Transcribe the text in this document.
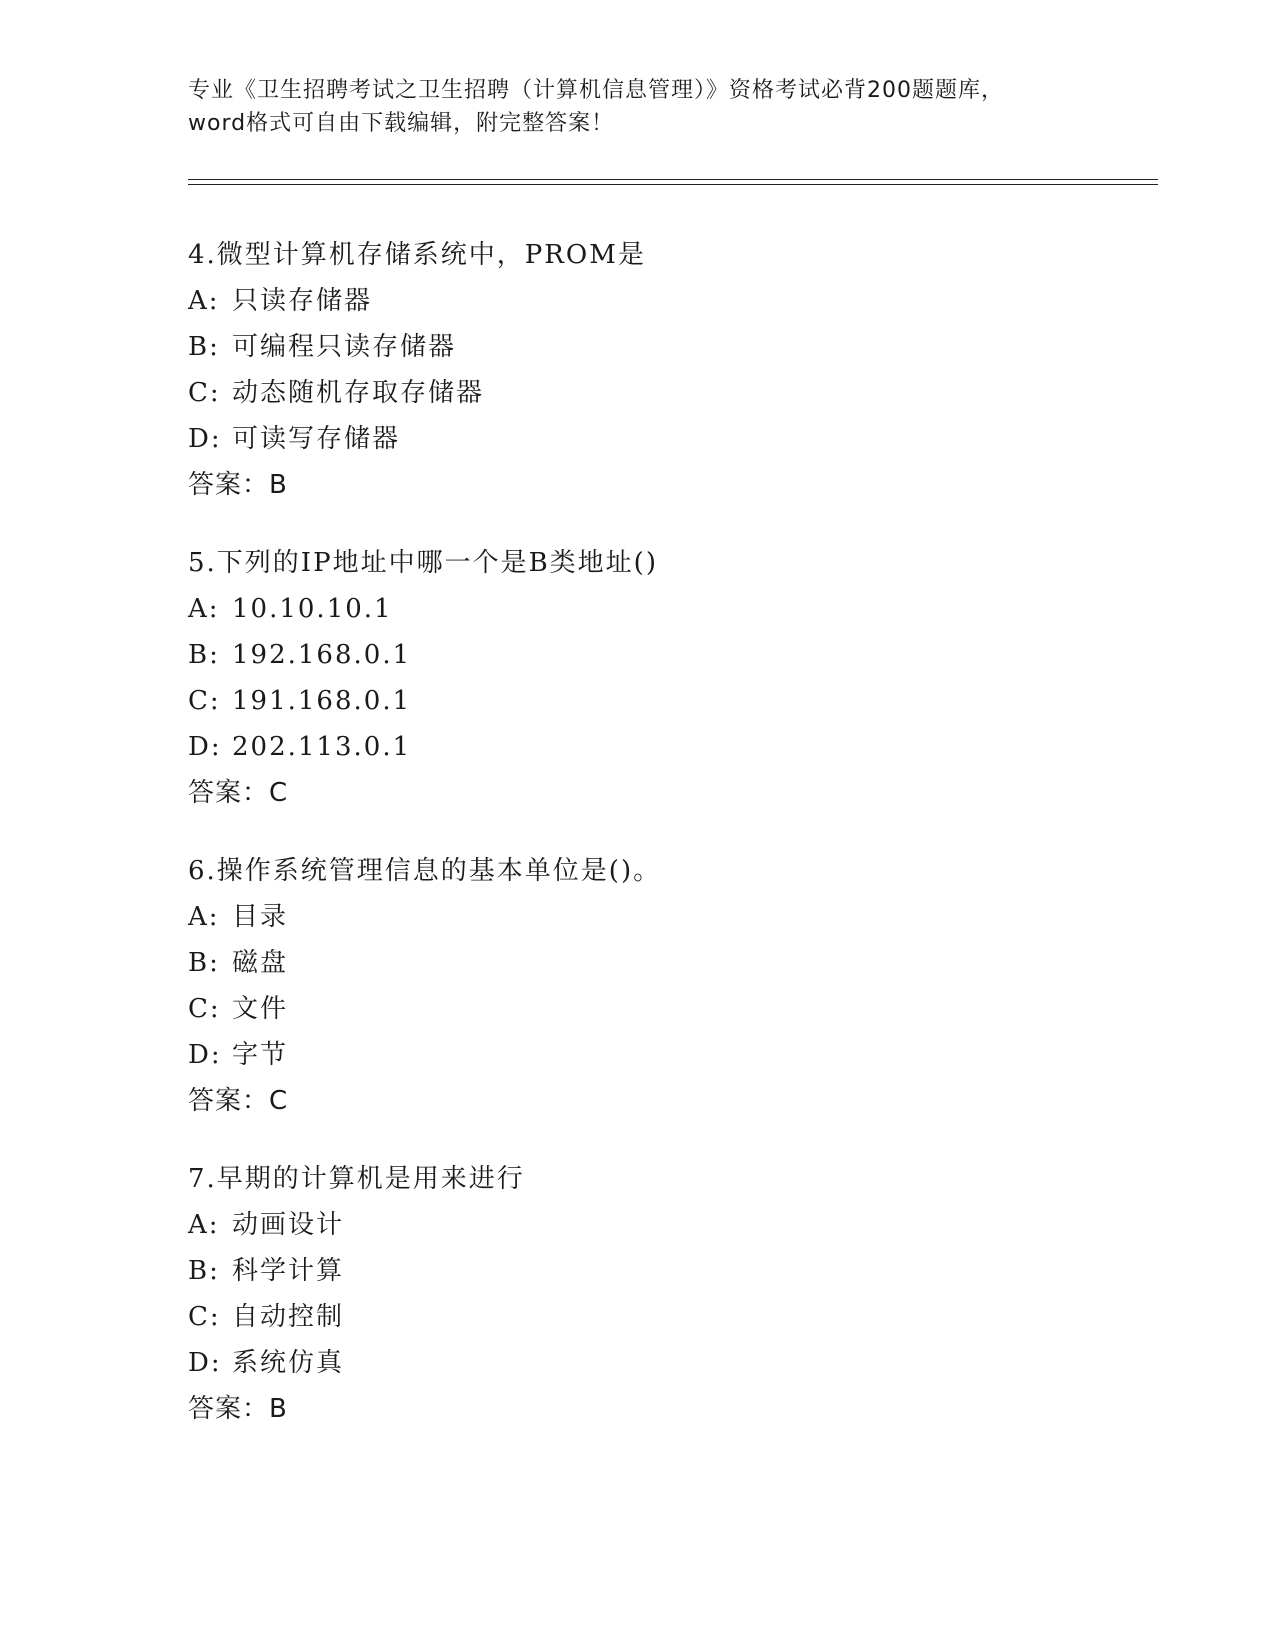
专业《卫生招聘考试之卫生招聘（计算机信息管理）》资格考试必背200题题库，
word格式可自由下载编辑，附完整答案！
4.微型计算机存储系统中，PROM是
A: 只读存储器
B: 可编程只读存储器
C: 动态随机存取存储器
D: 可读写存储器
答案：B
5.下列的IP地址中哪一个是B类地址()
A: 10.10.10.1
B: 192.168.0.1
C: 191.168.0.1
D: 202.113.0.1
答案：C
6.操作系统管理信息的基本单位是()。
A: 目录
B: 磁盘
C: 文件
D: 字节
答案：C
7.早期的计算机是用来进行
A: 动画设计
B: 科学计算
C: 自动控制
D: 系统仿真
答案：B
